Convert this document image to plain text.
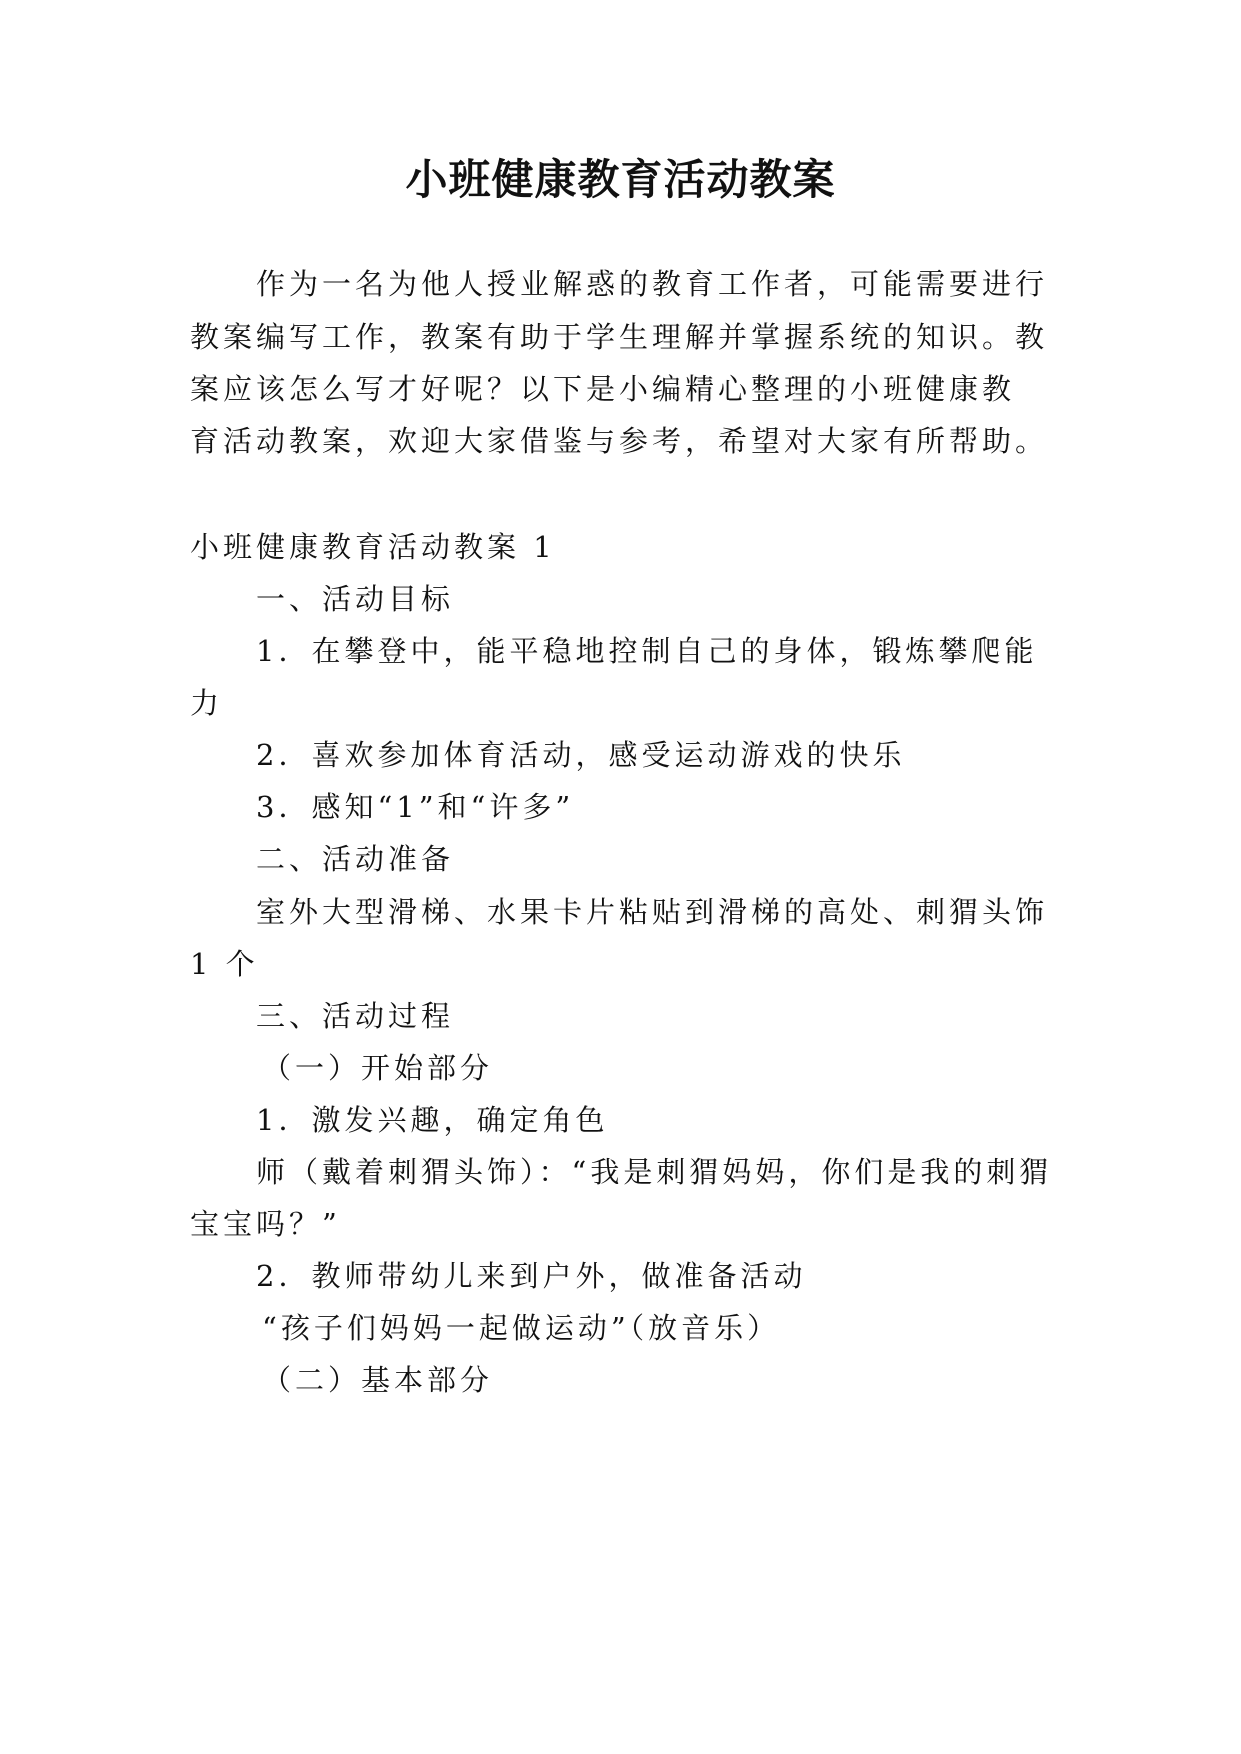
小班健康教育活动教案
作为一名为他人授业解惑的教育工作者，可能需要进行
教案编写工作，教案有助于学生理解并掌握系统的知识。教
案应该怎么写才好呢？以下是小编精心整理的小班健康教
育活动教案，欢迎大家借鉴与参考，希望对大家有所帮助。
小班健康教育活动教案 1
一、活动目标
1．在攀登中，能平稳地控制自己的身体，锻炼攀爬能
力
2．喜欢参加体育活动，感受运动游戏的快乐
3．感知“1”和“许多”
二、活动准备
室外大型滑梯、水果卡片粘贴到滑梯的高处、刺猬头饰
1 个
三、活动过程
（一）开始部分
1．激发兴趣，确定角色
师（戴着刺猬头饰）：“我是刺猬妈妈，你们是我的刺猬
宝宝吗？”
2．教师带幼儿来到户外，做准备活动
“孩子们妈妈一起做运动”（放音乐）
（二）基本部分
